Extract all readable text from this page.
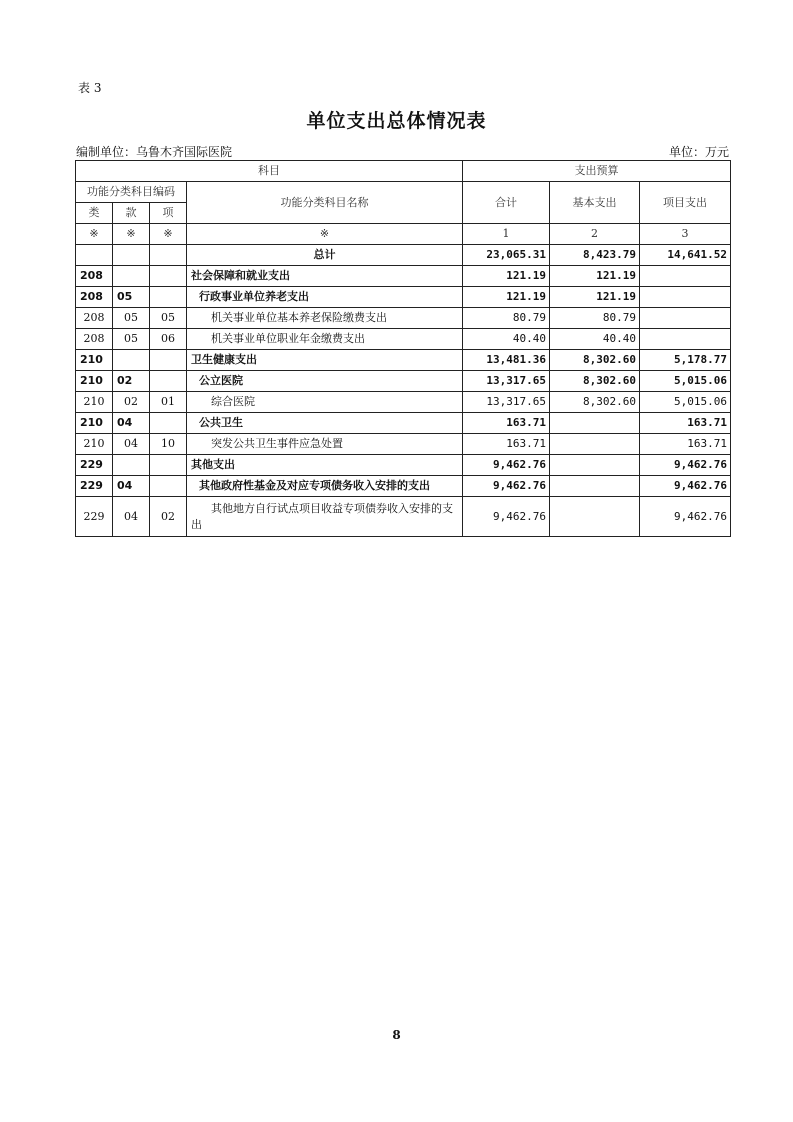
表 3
单位支出总体情况表
编制单位：乌鲁木齐国际医院	单位：万元
科目				支出预算		
功能分类科目编码			功能分类科目名称	合计	基本支出	项目支出
类	款	项				
※	※	※	※	1	2	3
			总计	23,065.31	8,423.79	14,641.52
208			社会保障和就业支出	121.19	121.19	
208	05		行政事业单位养老支出	121.19	121.19	
208	05	05	机关事业单位基本养老保险缴费支出	80.79	80.79	
208	05	06	机关事业单位职业年金缴费支出	40.40	40.40	
210			卫生健康支出	13,481.36	8,302.60	5,178.77
210	02		公立医院	13,317.65	8,302.60	5,015.06
210	02	01	综合医院	13,317.65	8,302.60	5,015.06
210	04		公共卫生	163.71		163.71
210	04	10	突发公共卫生事件应急处置	163.71		163.71
229			其他支出	9,462.76		9,462.76
229	04		其他政府性基金及对应专项债务收入安排的支出	9,462.76		9,462.76
229	04	02	其他地方自行试点项目收益专项债券收入安排的支出	9,462.76		9,462.76
8
